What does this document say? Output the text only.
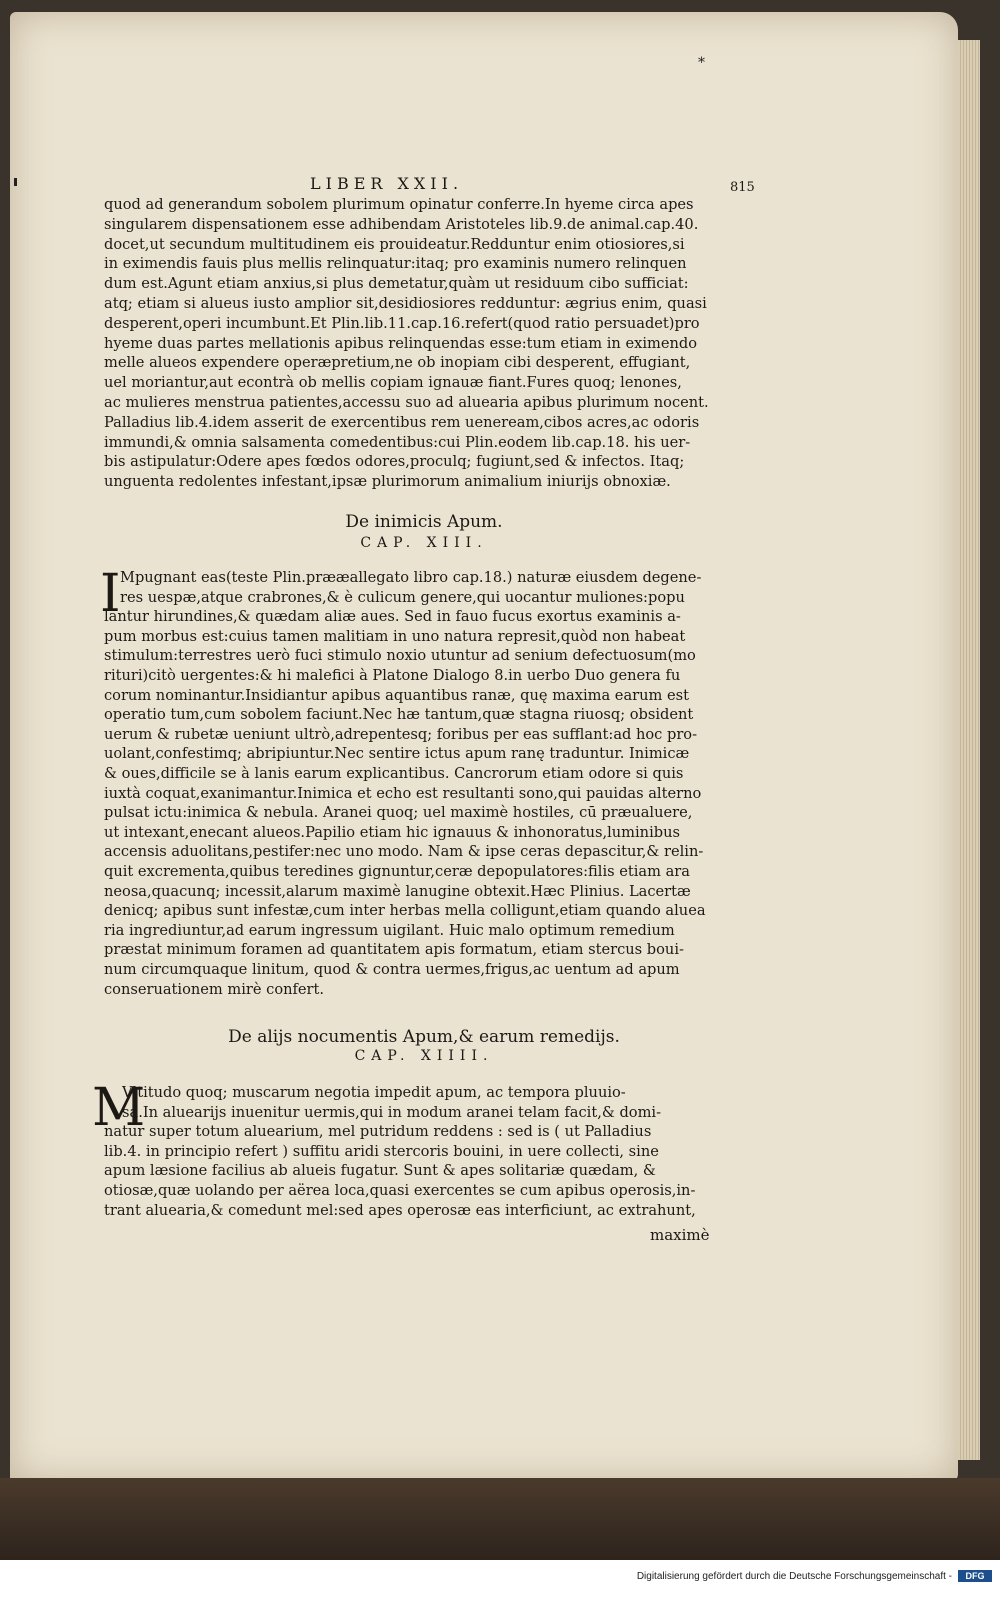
*
LIBER XXII.	815
quod ad generandum sobolem plurimum opinatur conferre.In hyeme circa apes
singularem dispensationem esse adhibendam Aristoteles lib.9.de animal.cap.40.
docet,ut secundum multitudinem eis prouideatur.Redduntur enim otiosiores,si
in eximendis fauis plus mellis relinquatur:itaq; pro examinis numero relinquen
dum est.Agunt etiam anxius,si plus demetatur,quàm ut residuum cibo sufficiat:
atq; etiam si alueus iusto amplior sit,desidiosiores redduntur: ægrius enim, quasi
desperent,operi incumbunt.Et Plin.lib.11.cap.16.refert(quod ratio persuadet)pro
hyeme duas partes mellationis apibus relinquendas esse:tum etiam in eximendo
melle alueos expendere operæpretium,ne ob inopiam cibi desperent, effugiant,
uel moriantur,aut econtrà ob mellis copiam ignauæ fiant.Fures quoq; lenones,
ac mulieres menstrua patientes,accessu suo ad aluearia apibus plurimum nocent.
Palladius lib.4.idem asserit de exercentibus rem ueneream,cibos acres,ac odoris
immundi,& omnia salsamenta comedentibus:cui Plin.eodem lib.cap.18. his uer-
bis astipulatur:Odere apes fœdos odores,proculq; fugiunt,sed & infectos. Itaq;
unguenta redolentes infestant,ipsæ plurimorum animalium iniurijs obnoxiæ.
De inimicis Apum.
CAP. XIII.
I Mpugnant eas(teste Plin.prææallegato libro cap.18.) naturæ eiusdem degene-
res uespæ,atque crabrones,& è culicum genere,qui uocantur muliones:popu
lantur hirundines,& quædam aliæ aues. Sed in fauo fucus exortus examinis a-
pum morbus est:cuius tamen malitiam in uno natura represit,quòd non habeat
stimulum:terrestres uerò fuci stimulo noxio utuntur ad senium defectuosum(mo
rituri)citò uergentes:& hi malefici à Platone Dialogo 8.in uerbo Duo genera fu
corum nominantur.Insidiantur apibus aquantibus ranæ, quę maxima earum est
operatio tum,cum sobolem faciunt.Nec hæ tantum,quæ stagna riuosq; obsident
uerum & rubetæ ueniunt ultrò,adrepentesq; foribus per eas sufflant:ad hoc pro-
uolant,confestimq; abripiuntur.Nec sentire ictus apum ranę traduntur. Inimicæ
& oues,difficile se à lanis earum explicantibus. Cancrorum etiam odore si quis
iuxtà coquat,exanimantur.Inimica et echo est resultanti sono,qui pauidas alterno
pulsat ictu:inimica & nebula. Aranei quoq; uel maximè hostiles, cū præualuere,
ut intexant,enecant alueos.Papilio etiam hic ignauus & inhonoratus,luminibus
accensis aduolitans,pestifer:nec uno modo. Nam & ipse ceras depascitur,& relin-
quit excrementa,quibus teredines gignuntur,ceræ depopulatores:filis etiam ara
neosa,quacunq; incessit,alarum maximè lanugine obtexit.Hæc Plinius. Lacertæ
denicq; apibus sunt infestæ,cum inter herbas mella colligunt,etiam quando aluea
ria ingrediuntur,ad earum ingressum uigilant. Huic malo optimum remedium
præstat minimum foramen ad quantitatem apis formatum, etiam stercus boui-
num circumquaque linitum, quod & contra uermes,frigus,ac uentum ad apum
conseruationem mirè confert.
De alijs nocumentis Apum,& earum remedijs.
CAP. XIIII.
M
Vltitudo quoq; muscarum negotia impedit apum, ac tempora pluuio-
sa.In aluearijs inuenitur uermis,qui in modum aranei telam facit,& domi-
natur super totum aluearium, mel putridum reddens : sed is ( ut Palladius
lib.4. in principio refert ) suffitu aridi stercoris bouini, in uere collecti, sine
apum læsione facilius ab alueis fugatur. Sunt & apes solitariæ quædam, &
otiosæ,quæ uolando per aërea loca,quasi exercentes se cum apibus operosis,in-
trant aluearia,& comedunt mel:sed apes operosæ eas interficiunt, ac extrahunt,
maximè
Digitalisierung gefördert durch die Deutsche Forschungsgemeinschaft -	DFG
